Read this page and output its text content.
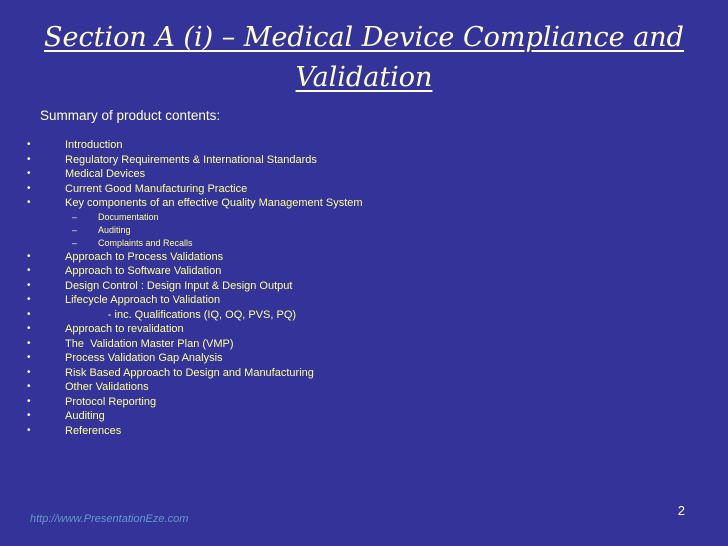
Section A (i) – Medical Device Compliance and
Validation
Summary of product contents:

•

	Introduction

•

	Regulatory Requirements & International Standards

•

	Medical Devices

•

	Current Good Manufacturing Practice

•

	Key components of an effective Quality Management System

–

Documentation

–

Auditing

–

Complaints and Recalls

•

	Approach to Process Validations

•

	Approach to Software Validation

•

	Design Control : Design Input & Design Output

•

	Lifecycle Approach to Validation

•

	- inc. Qualifications (IQ, OQ, PVS, PQ)

•

	Approach to revalidation

•

	The  Validation Master Plan (VMP)

•

	Process Validation Gap Analysis

•

	Risk Based Approach to Design and Manufacturing

•

	Other Validations

•

	Protocol Reporting

•

	Auditing

•

	References

http://www.PresentationEze.com
2
